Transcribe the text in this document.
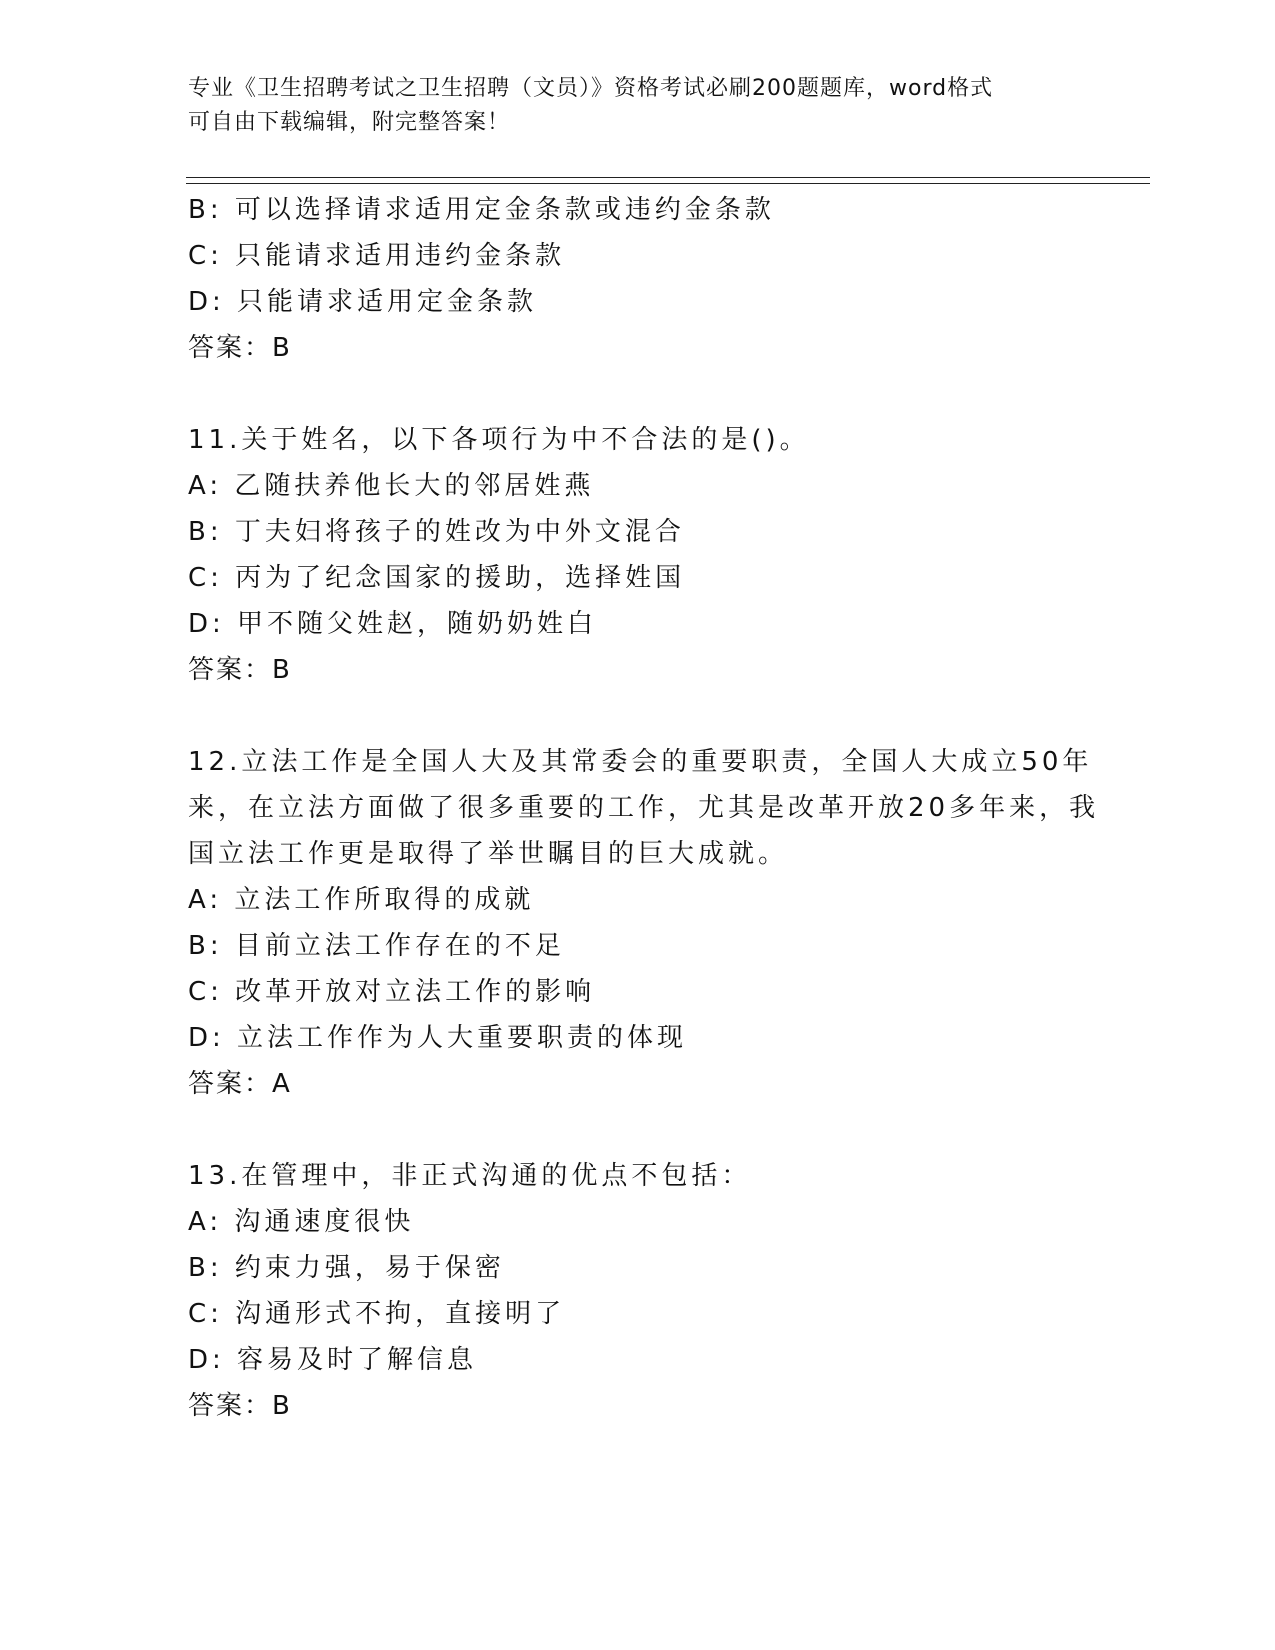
专业《卫生招聘考试之卫生招聘（文员）》资格考试必刷200题题库，word格式
可自由下载编辑，附完整答案！
B: 可以选择请求适用定金条款或违约金条款
C: 只能请求适用违约金条款
D: 只能请求适用定金条款
答案：B
11.关于姓名，以下各项行为中不合法的是()。
A: 乙随扶养他长大的邻居姓燕
B: 丁夫妇将孩子的姓改为中外文混合
C: 丙为了纪念国家的援助，选择姓国
D: 甲不随父姓赵，随奶奶姓白
答案：B
12.立法工作是全国人大及其常委会的重要职责，全国人大成立50年
来，在立法方面做了很多重要的工作，尤其是改革开放20多年来，我
国立法工作更是取得了举世瞩目的巨大成就。
A: 立法工作所取得的成就
B: 目前立法工作存在的不足
C: 改革开放对立法工作的影响
D: 立法工作作为人大重要职责的体现
答案：A
13.在管理中，非正式沟通的优点不包括：
A: 沟通速度很快
B: 约束力强，易于保密
C: 沟通形式不拘，直接明了
D: 容易及时了解信息
答案：B
